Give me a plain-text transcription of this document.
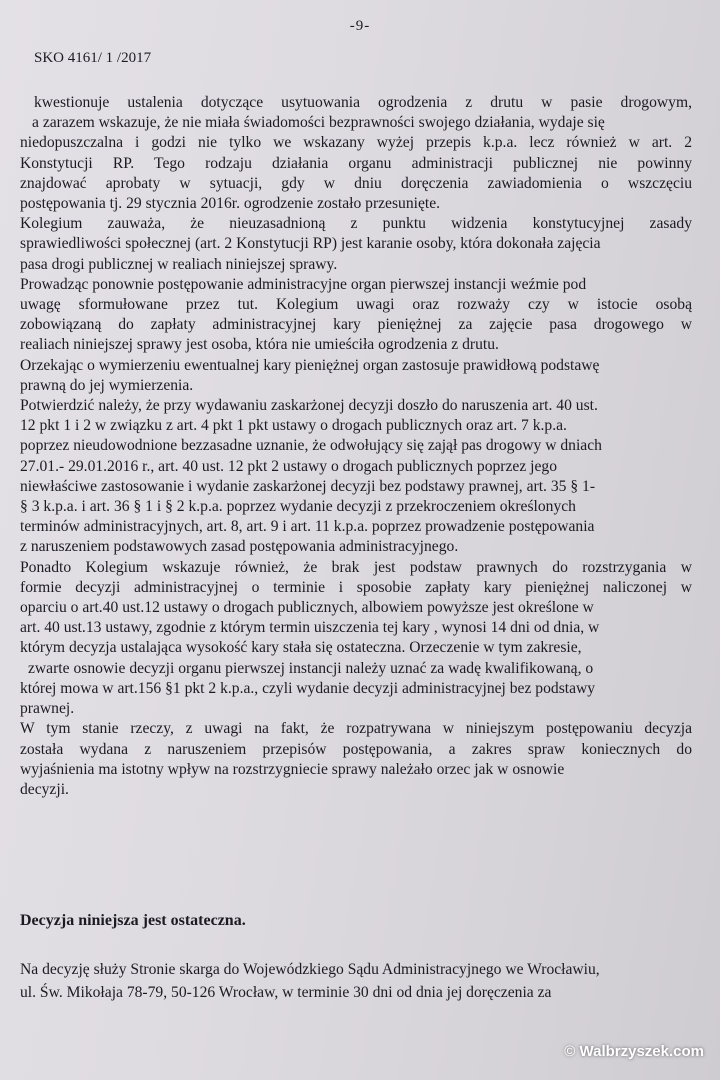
-9-
SKO 4161/ 1 /2017
kwestionuje ustalenia dotyczące usytuowania ogrodzenia z drutu w pasie drogowym,
a zarazem wskazuje, że nie miała świadomości bezprawności swojego działania, wydaje się
niedopuszczalna i godzi nie tylko we wskazany wyżej przepis k.p.a. lecz również w art. 2
Konstytucji RP. Tego rodzaju działania organu administracji publicznej nie powinny
znajdować aprobaty w sytuacji, gdy w dniu doręczenia zawiadomienia o wszczęciu
postępowania tj. 29 stycznia 2016r. ogrodzenie zostało przesunięte.
Kolegium zauważa, że nieuzasadnioną z punktu widzenia konstytucyjnej zasady
sprawiedliwości społecznej (art. 2 Konstytucji RP) jest karanie osoby, która dokonała zajęcia
pasa drogi publicznej w realiach niniejszej sprawy.
Prowadząc ponownie postępowanie administracyjne organ pierwszej instancji weźmie pod
uwagę sformułowane przez tut. Kolegium uwagi oraz rozważy czy w istocie osobą
zobowiązaną do zapłaty administracyjnej kary pieniężnej za zajęcie pasa drogowego w
realiach niniejszej sprawy jest osoba, która nie umieściła ogrodzenia z drutu.
Orzekając o wymierzeniu ewentualnej kary pieniężnej organ zastosuje prawidłową podstawę
prawną do jej wymierzenia.
Potwierdzić należy, że przy wydawaniu zaskarżonej decyzji doszło do naruszenia art. 40 ust.
12 pkt 1 i 2 w związku z art. 4 pkt 1 pkt ustawy o drogach publicznych oraz art. 7 k.p.a.
poprzez nieudowodnione bezzasadne uznanie, że odwołujący się zajął pas drogowy w dniach
27.01.- 29.01.2016 r., art. 40 ust. 12 pkt 2 ustawy o drogach publicznych poprzez jego
niewłaściwe zastosowanie i wydanie zaskarżonej decyzji bez podstawy prawnej, art. 35 § 1-
§ 3 k.p.a. i art. 36 § 1 i § 2 k.p.a. poprzez wydanie decyzji z przekroczeniem określonych
terminów administracyjnych, art. 8, art. 9 i art. 11 k.p.a. poprzez prowadzenie postępowania
z naruszeniem podstawowych zasad postępowania administracyjnego.
Ponadto Kolegium wskazuje również, że brak jest podstaw prawnych do rozstrzygania w
formie decyzji administracyjnej o terminie i sposobie zapłaty kary pieniężnej naliczonej w
oparciu o art.40 ust.12 ustawy o drogach publicznych, albowiem powyższe jest określone w
art. 40 ust.13 ustawy, zgodnie z którym termin uiszczenia tej kary , wynosi 14 dni od dnia, w
którym decyzja ustalająca wysokość kary stała się ostateczna. Orzeczenie w tym zakresie,
zwarte osnowie decyzji organu pierwszej instancji należy uznać za wadę kwalifikowaną, o
której mowa w art.156 §1 pkt 2 k.p.a., czyli wydanie decyzji administracyjnej bez podstawy
prawnej.
W tym stanie rzeczy, z uwagi na fakt, że rozpatrywana w niniejszym postępowaniu decyzja
została wydana z naruszeniem przepisów postępowania, a zakres spraw koniecznych do
wyjaśnienia ma istotny wpływ na rozstrzygniecie sprawy należało orzec jak w osnowie
decyzji.
Decyzja niniejsza jest ostateczna.
Na decyzję służy Stronie skarga do Wojewódzkiego Sądu Administracyjnego we Wrocławiu,
ul. Św. Mikołaja 78-79, 50-126 Wrocław, w terminie 30 dni od dnia jej doręczenia za
© Walbrzyszek.com
